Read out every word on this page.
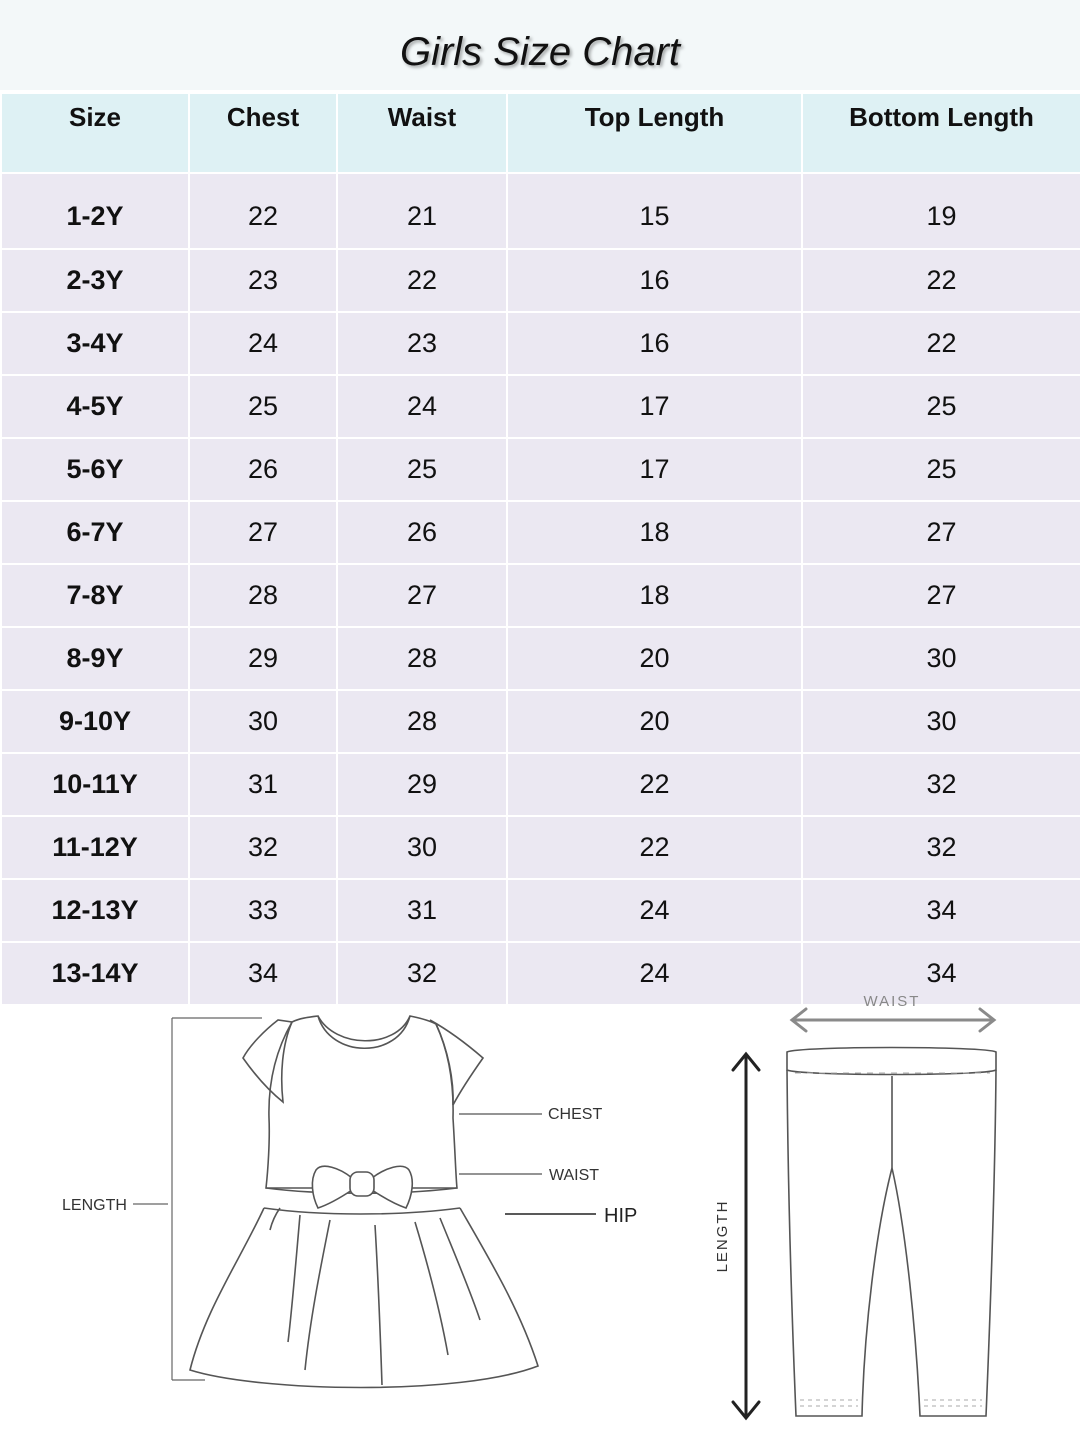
Girls Size Chart
Size	Chest	Waist	Top Length	Bottom Length
1-2Y	22	21	15	19
2-3Y	23	22	16	22
3-4Y	24	23	16	22
4-5Y	25	24	17	25
5-6Y	26	25	17	25
6-7Y	27	26	18	27
7-8Y	28	27	18	27
8-9Y	29	28	20	30
9-10Y	30	28	20	30
10-11Y	31	29	22	32
11-12Y	32	30	22	32
12-13Y	33	31	24	34
13-14Y	34	32	24	34
CHEST
WAIST
HIP
LENGTH
WAIST
LENGTH
